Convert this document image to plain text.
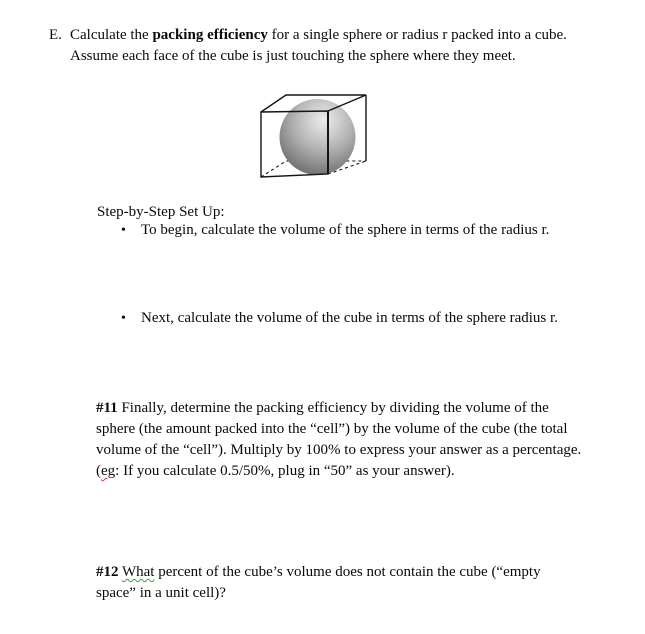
E. Calculate the packing efficiency for a single sphere or radius r packed into a cube.
Assume each face of the cube is just touching the sphere where they meet.
Step-by-Step Set Up:
•	To begin, calculate the volume of the sphere in terms of the radius r.
•	Next, calculate the volume of the cube in terms of the sphere radius r.
#11 Finally, determine the packing efficiency by dividing the volume of the
sphere (the amount packed into the “cell”) by the volume of the cube (the total
volume of the “cell”). Multiply by 100% to express your answer as a percentage.
(eg: If you calculate 0.5/50%, plug in “50” as your answer).
#12 What percent of the cube’s volume does not contain the cube (“empty
space” in a unit cell)?
